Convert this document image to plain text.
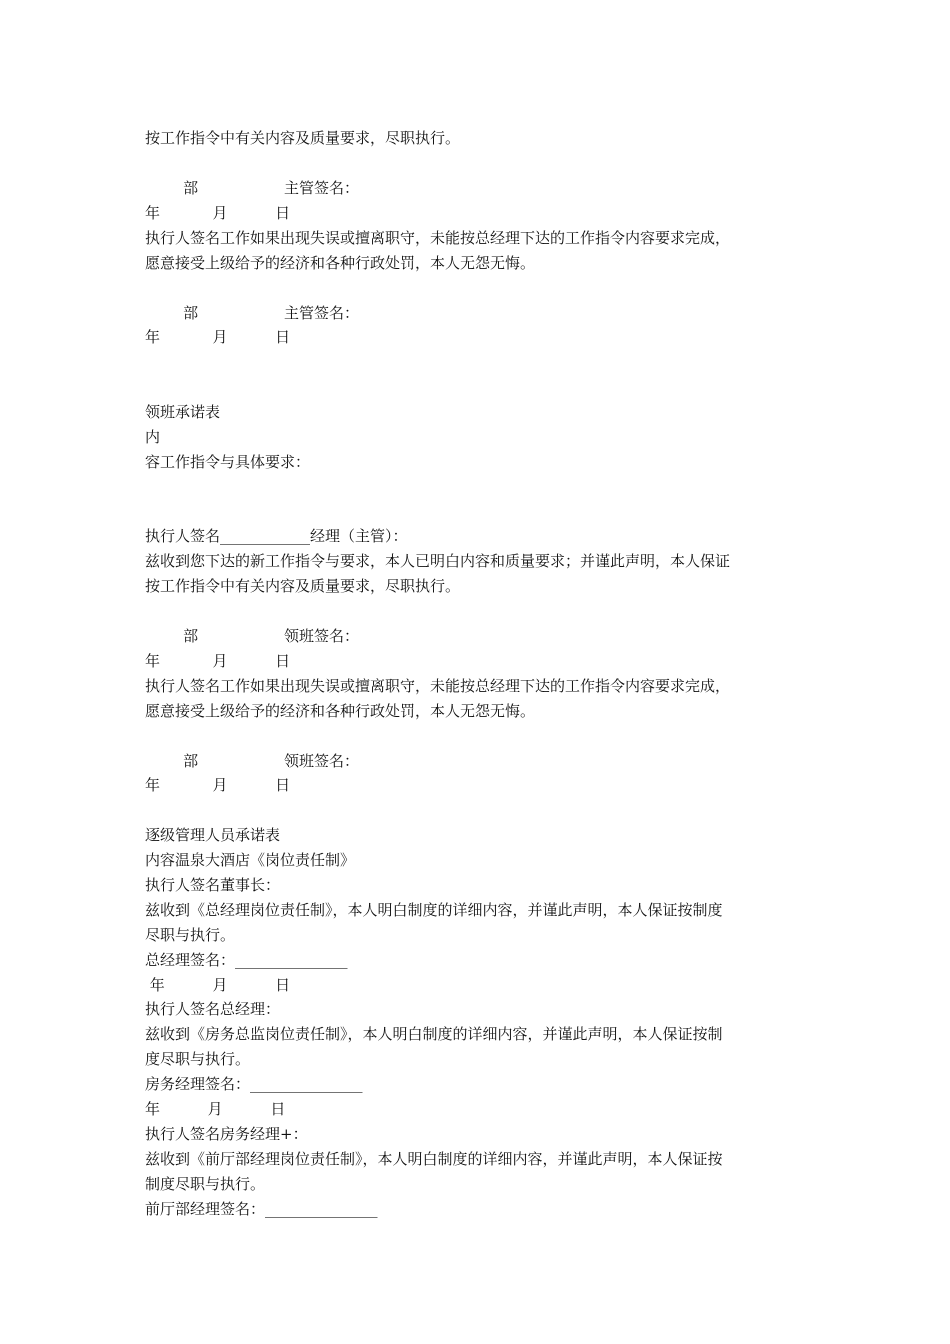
按工作指令中有关内容及质量要求，尽职执行。
部                  主管签名：
年           月          日
执行人签名工作如果出现失误或擅离职守，未能按总经理下达的工作指令内容要求完成，
愿意接受上级给予的经济和各种行政处罚，本人无怨无悔。
部                  主管签名：
年           月          日
领班承诺表
内
容工作指令与具体要求：
执行人签名____________经理（主管）：
兹收到您下达的新工作指令与要求，本人已明白内容和质量要求；并谨此声明，本人保证
按工作指令中有关内容及质量要求，尽职执行。
部                  领班签名：
年           月          日
执行人签名工作如果出现失误或擅离职守，未能按总经理下达的工作指令内容要求完成，
愿意接受上级给予的经济和各种行政处罚，本人无怨无悔。
部                  领班签名：
年           月          日
逐级管理人员承诺表
内容温泉大酒店《岗位责任制》
执行人签名董事长：
兹收到《总经理岗位责任制》，本人明白制度的详细内容，并谨此声明，本人保证按制度
尽职与执行。
总经理签名：_______________
年          月          日
执行人签名总经理：
兹收到《房务总监岗位责任制》，本人明白制度的详细内容，并谨此声明，本人保证按制
度尽职与执行。
房务经理签名：_______________
年          月          日
执行人签名房务经理+：
兹收到《前厅部经理岗位责任制》，本人明白制度的详细内容，并谨此声明，本人保证按
制度尽职与执行。
前厅部经理签名：_______________
